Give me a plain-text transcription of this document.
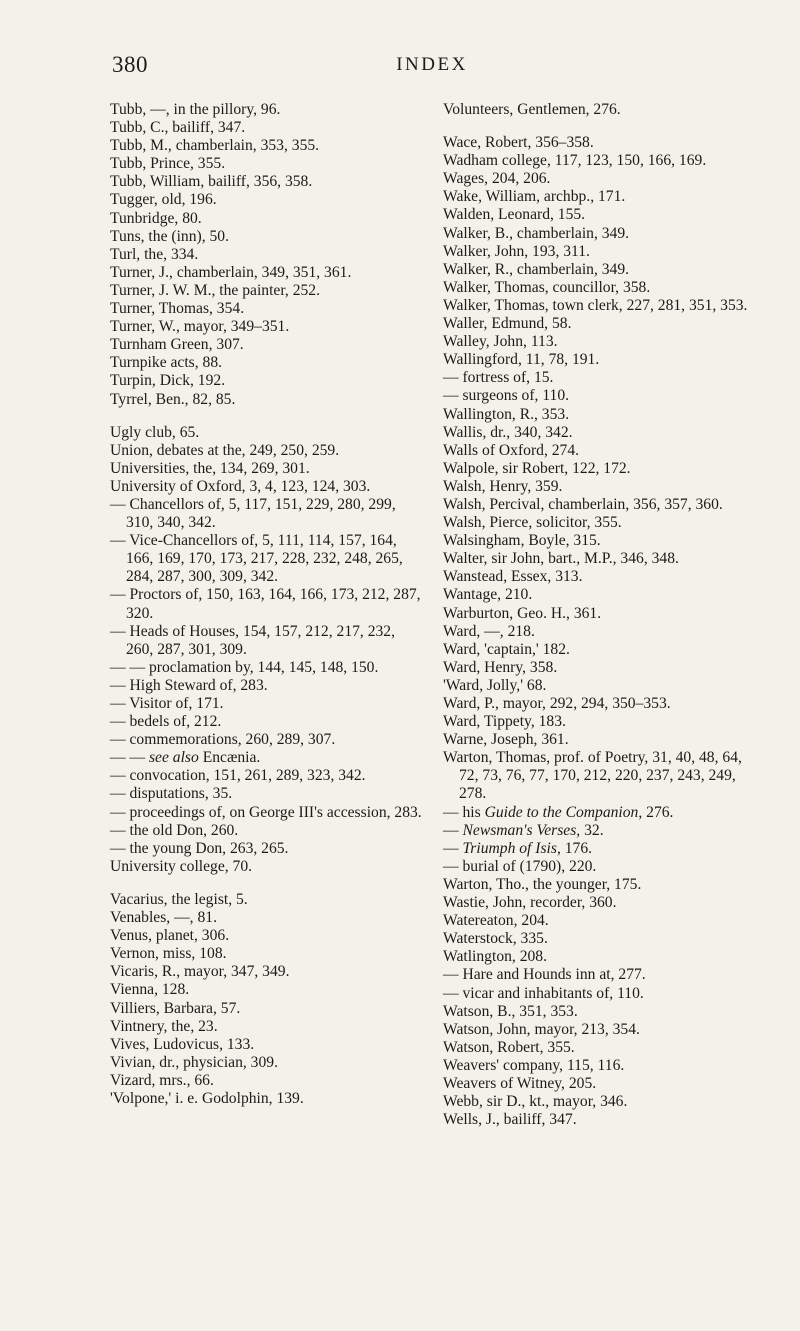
380	INDEX
Tubb, —, in the pillory, 96.
Tubb, C., bailiff, 347.
Tubb, M., chamberlain, 353, 355.
Tubb, Prince, 355.
Tubb, William, bailiff, 356, 358.
Tugger, old, 196.
Tunbridge, 80.
Tuns, the (inn), 50.
Turl, the, 334.
Turner, J., chamberlain, 349, 351, 361.
Turner, J. W. M., the painter, 252.
Turner, Thomas, 354.
Turner, W., mayor, 349–351.
Turnham Green, 307.
Turnpike acts, 88.
Turpin, Dick, 192.
Tyrrel, Ben., 82, 85.
Ugly club, 65.
Union, debates at the, 249, 250, 259.
Universities, the, 134, 269, 301.
University of Oxford, 3, 4, 123, 124, 303.
— Chancellors of, 5, 117, 151, 229, 280, 299, 310, 340, 342.
— Vice-Chancellors of, 5, 111, 114, 157, 164, 166, 169, 170, 173, 217, 228, 232, 248, 265, 284, 287, 300, 309, 342.
— Proctors of, 150, 163, 164, 166, 173, 212, 287, 320.
— Heads of Houses, 154, 157, 212, 217, 232, 260, 287, 301, 309.
— — proclamation by, 144, 145, 148, 150.
— High Steward of, 283.
— Visitor of, 171.
— bedels of, 212.
— commemorations, 260, 289, 307.
— — see also Encænia.
— convocation, 151, 261, 289, 323, 342.
— disputations, 35.
— proceedings of, on George III's accession, 283.
— the old Don, 260.
— the young Don, 263, 265.
University college, 70.
Vacarius, the legist, 5.
Venables, —, 81.
Venus, planet, 306.
Vernon, miss, 108.
Vicaris, R., mayor, 347, 349.
Vienna, 128.
Villiers, Barbara, 57.
Vintnery, the, 23.
Vives, Ludovicus, 133.
Vivian, dr., physician, 309.
Vizard, mrs., 66.
'Volpone,' i. e. Godolphin, 139.
Volunteers, Gentlemen, 276.
Wace, Robert, 356–358.
Wadham college, 117, 123, 150, 166, 169.
Wages, 204, 206.
Wake, William, archbp., 171.
Walden, Leonard, 155.
Walker, B., chamberlain, 349.
Walker, John, 193, 311.
Walker, R., chamberlain, 349.
Walker, Thomas, councillor, 358.
Walker, Thomas, town clerk, 227, 281, 351, 353.
Waller, Edmund, 58.
Walley, John, 113.
Wallingford, 11, 78, 191.
— fortress of, 15.
— surgeons of, 110.
Wallington, R., 353.
Wallis, dr., 340, 342.
Walls of Oxford, 274.
Walpole, sir Robert, 122, 172.
Walsh, Henry, 359.
Walsh, Percival, chamberlain, 356, 357, 360.
Walsh, Pierce, solicitor, 355.
Walsingham, Boyle, 315.
Walter, sir John, bart., M.P., 346, 348.
Wanstead, Essex, 313.
Wantage, 210.
Warburton, Geo. H., 361.
Ward, —, 218.
Ward, 'captain,' 182.
Ward, Henry, 358.
'Ward, Jolly,' 68.
Ward, P., mayor, 292, 294, 350–353.
Ward, Tippety, 183.
Warne, Joseph, 361.
Warton, Thomas, prof. of Poetry, 31, 40, 48, 64, 72, 73, 76, 77, 170, 212, 220, 237, 243, 249, 278.
— his Guide to the Companion, 276.
— Newsman's Verses, 32.
— Triumph of Isis, 176.
— burial of (1790), 220.
Warton, Tho., the younger, 175.
Wastie, John, recorder, 360.
Watereaton, 204.
Waterstock, 335.
Watlington, 208.
— Hare and Hounds inn at, 277.
— vicar and inhabitants of, 110.
Watson, B., 351, 353.
Watson, John, mayor, 213, 354.
Watson, Robert, 355.
Weavers' company, 115, 116.
Weavers of Witney, 205.
Webb, sir D., kt., mayor, 346.
Wells, J., bailiff, 347.
